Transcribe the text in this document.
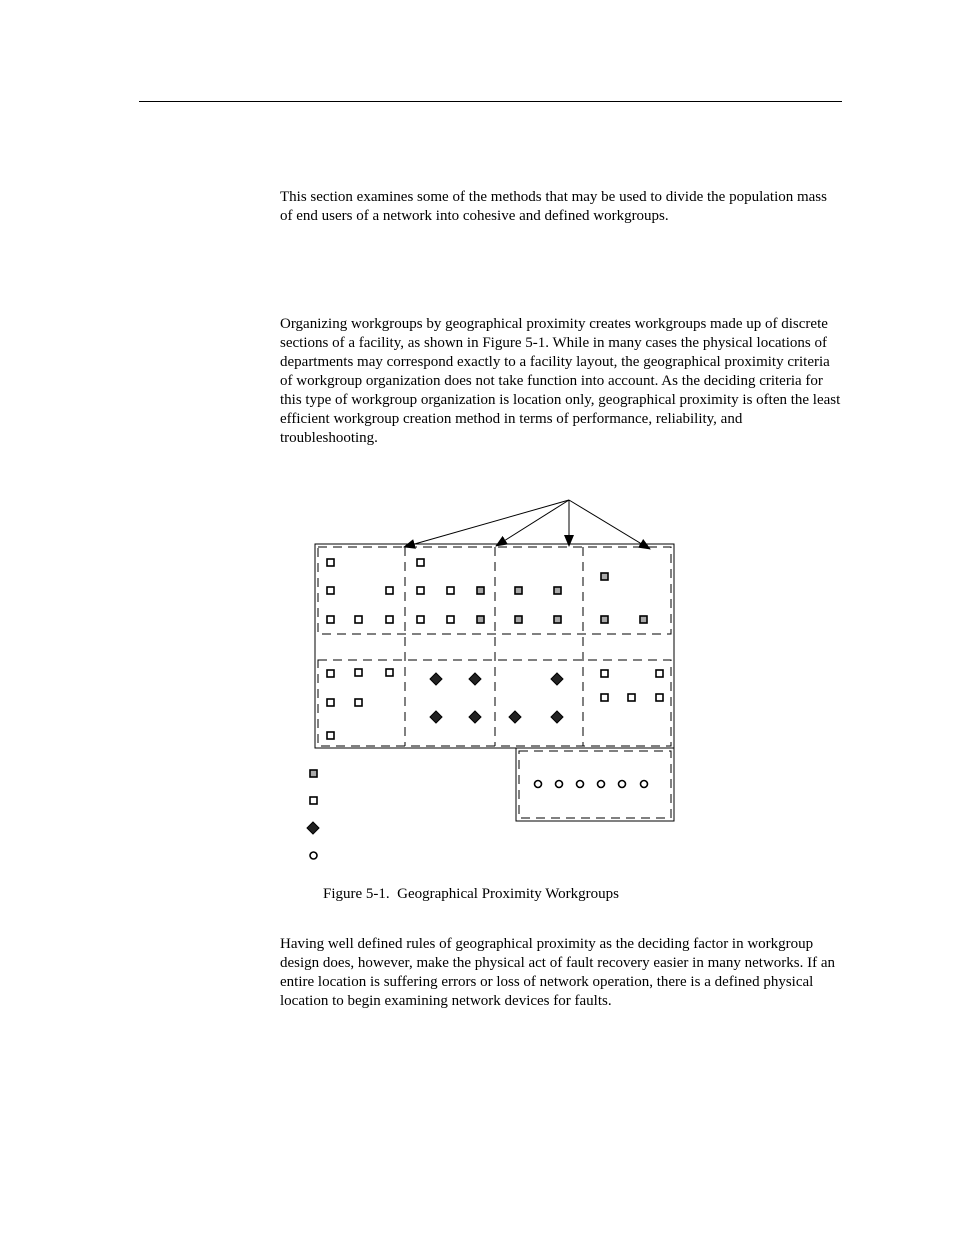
This section examines some of the methods that may be used to divide the population mass of end users of a network into cohesive and defined workgroups.

Organizing workgroups by geographical proximity creates workgroups made up of discrete sections of a facility, as shown in Figure 5-1. While in many cases the physical locations of departments may correspond exactly to a facility layout, the geographical proximity criteria of workgroup organization does not take function into account. As the deciding criteria for this type of workgroup organization is location only, geographical proximity is often the least efficient workgroup creation method in terms of performance, reliability, and troubleshooting.

Figure 5-1.  Geographical Proximity Workgroups

Having well defined rules of geographical proximity as the deciding factor in workgroup design does, however, make the physical act of fault recovery easier in many networks. If an entire location is suffering errors or loss of network operation, there is a defined physical location to begin examining network devices for faults.
